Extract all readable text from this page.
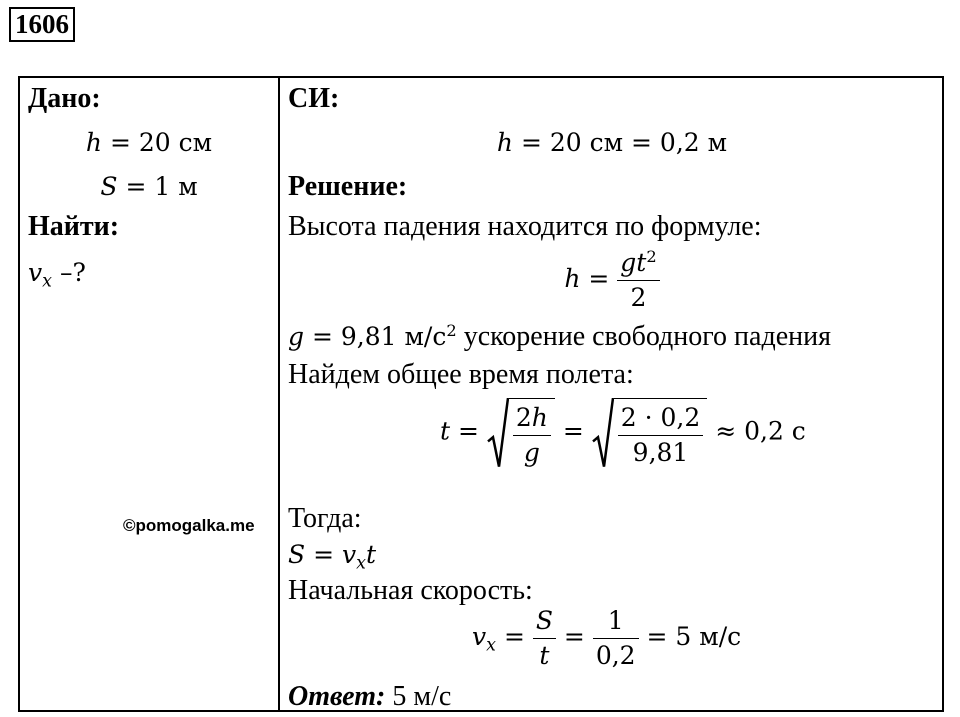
1606
Дано:
h = 20 см
S = 1 м
Найти:
$v_x$ –?
СИ:
h = 20 см = 0,2 м
Решение:
Высота падения находится по формуле:
$h = \frac{gt^2}{2}$
g = 9,81 $м/с^2$ ускорение свободного падения
Найдем общее время полета:
$t = \frac{2h}{g} = \frac{2 \cdot 0,2}{9,81} \approx 0,2$ с
Тогда:
$S = v_xt$
Начальная скорость:
$v_x = \frac{S}{t} = \frac{1}{0,2} = 5$ м/с
Ответ: 5 м/с
©pomogalka.me
